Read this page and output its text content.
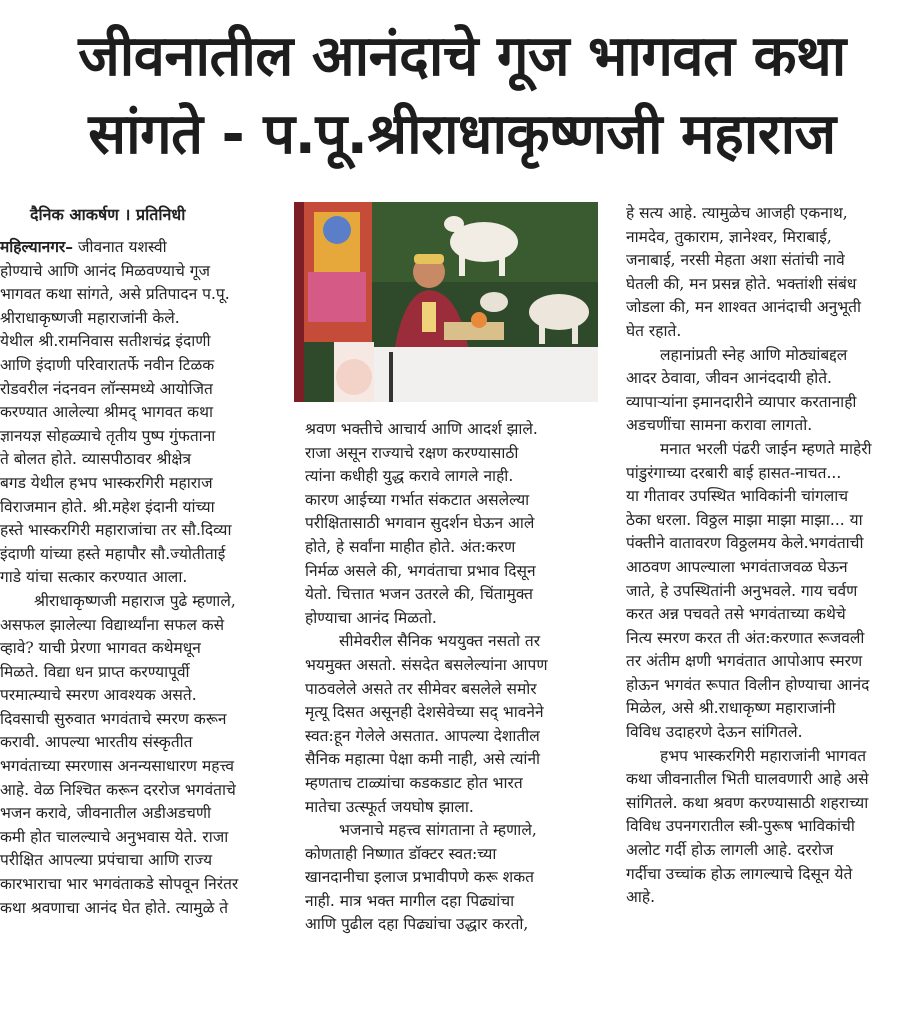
जीवनातील आनंदाचे गूज भागवत कथा
सांगते - प.पू.श्रीराधाकृष्णजी महाराज

दैनिक आकर्षण । प्रतिनिधी

महिल्यानगर– जीवनात यशस्वी

होण्याचे आणि आनंद मिळवण्याचे गूज

भागवत कथा सांगते, असे प्रतिपादन प.पू.

श्रीराधाकृष्णजी महाराजांनी केले.

येथील श्री.रामनिवास सतीशचंद्र इंदाणी

आणि इंदाणी परिवारातर्फे नवीन टिळक

रोडवरील नंदनवन लॉन्समध्ये आयोजित

करण्यात आलेल्या श्रीमद् भागवत कथा

ज्ञानयज्ञ सोहळ्याचे तृतीय पुष्प गुंफताना

ते बोलत होते. व्यासपीठावर श्रीक्षेत्र

बगड येथील हभप भास्करगिरी महाराज

विराजमान होते. श्री.महेश इंदानी यांच्या

हस्ते भास्करगिरी महाराजांचा तर सौ.दिव्या

इंदाणी यांच्या हस्ते महापौर सौ.ज्योतीताई

गाडे यांचा सत्कार करण्यात आला.

श्रीराधाकृष्णजी महाराज पुढे म्हणाले,

असफल झालेल्या विद्यार्थ्यांना सफल कसे

व्हावे? याची प्रेरणा भागवत कथेमधून

मिळते. विद्या धन प्राप्त करण्यापूर्वी

परमात्म्याचे स्मरण आवश्यक असते.

दिवसाची सुरुवात भगवंताचे स्मरण करून

करावी. आपल्या भारतीय संस्कृतीत

भगवंताच्या स्मरणास अनन्यसाधारण महत्त्व

आहे. वेळ निश्चित करून दररोज भगवंताचे

भजन करावे, जीवनातील अडीअडचणी

कमी होत चालल्याचे अनुभवास येते. राजा

परीक्षित आपल्या प्रपंचाचा आणि राज्य

कारभाराचा भार भगवंताकडे सोपवून निरंतर

कथा श्रवणाचा आनंद घेत होते. त्यामुळे ते

श्रवण भक्तीचे आचार्य आणि आदर्श झाले.

राजा असून राज्याचे रक्षण करण्यासाठी

त्यांना कधीही युद्ध करावे लागले नाही.

कारण आईच्या गर्भात संकटात असलेल्या

परीक्षितासाठी भगवान सुदर्शन घेऊन आले

होते, हे सर्वांना माहीत होते. अंत:करण

निर्मळ असले की, भगवंताचा प्रभाव दिसून

येतो. चित्तात भजन उतरले की, चिंतामुक्त

होण्याचा आनंद मिळतो.

सीमेवरील सैनिक भययुक्त नसतो तर

भयमुक्त असतो. संसदेत बसलेल्यांना आपण

पाठवलेले असते तर सीमेवर बसलेले समोर

मृत्यू दिसत असूनही देशसेवेच्या सद् भावनेने

स्वत:हून गेलेले असतात. आपल्या देशातील

सैनिक महात्मा पेक्षा कमी नाही, असे त्यांनी

म्हणताच टाळ्यांचा कडकडाट होत भारत

मातेचा उत्स्फूर्त जयघोष झाला.

भजनाचे महत्त्व सांगताना ते म्हणाले,

कोणताही निष्णात डॉक्टर स्वत:च्या

खानदानीचा इलाज प्रभावीपणे करू शकत

नाही. मात्र भक्त मागील दहा पिढ्यांचा

आणि पुढील दहा पिढ्यांचा उद्धार करतो,

हे सत्य आहे. त्यामुळेच आजही एकनाथ,

नामदेव, तुकाराम, ज्ञानेश्वर, मिराबाई,

जनाबाई, नरसी मेहता अशा संतांची नावे

घेतली की, मन प्रसन्न होते. भक्तांशी संबंध

जोडला की, मन शाश्वत आनंदाची अनुभूती

घेत रहाते.

लहानांप्रती स्नेह आणि मोठ्यांबद्दल

आदर ठेवावा, जीवन आनंददायी होते.

व्यापाऱ्यांना इमानदारीने व्यापार करतानाही

अडचणींचा सामना करावा लागतो.

मनात भरली पंढरी जाईन म्हणते माहेरी

पांडुरंगाच्या दरबारी बाई हासत-नाचत...

या गीतावर उपस्थित भाविकांनी चांगलाच

ठेका धरला. विठ्ठल माझा माझा माझा... या

पंक्तीने वातावरण विठ्ठलमय केले.भगवंताची

आठवण आपल्याला भगवंताजवळ घेऊन

जाते, हे उपस्थितांनी अनुभवले. गाय चर्वण

करत अन्न पचवते तसे भगवंताच्या कथेचे

नित्य स्मरण करत ती अंत:करणात रूजवली

तर अंतीम क्षणी भगवंतात आपोआप स्मरण

होऊन भगवंत रूपात विलीन होण्याचा आनंद

मिळेल, असे श्री.राधाकृष्ण महाराजांनी

विविध उदाहरणे देऊन सांगितले.

हभप भास्करगिरी महाराजांनी भागवत

कथा जीवनातील भिती घालवणारी आहे असे

सांगितले. कथा श्रवण करण्यासाठी शहराच्या

विविध उपनगरातील स्त्री-पुरूष भाविकांची

अलोट गर्दी होऊ लागली आहे. दररोज

गर्दीचा उच्चांक होऊ लागल्याचे दिसून येते

आहे.
